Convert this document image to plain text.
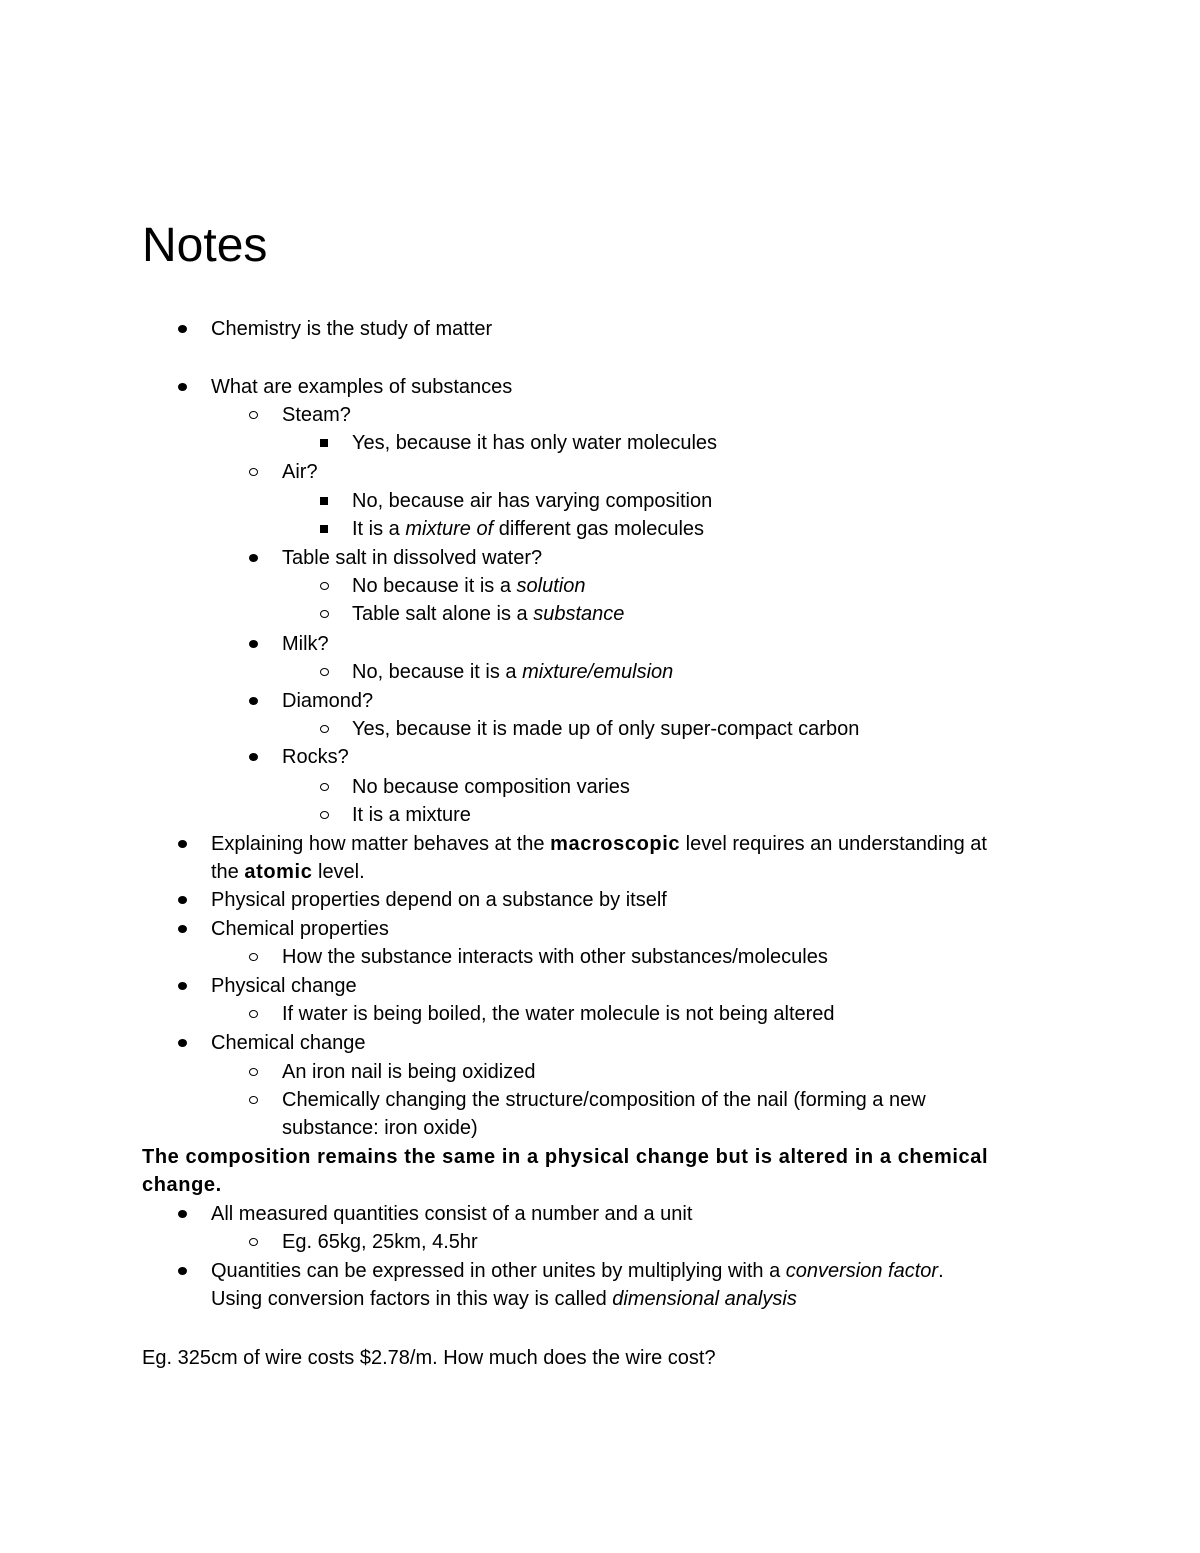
Notes
Chemistry is the study of matter
What are examples of substances
Steam?
Yes, because it has only water molecules
Air?
No, because air has varying composition
It is a mixture of different gas molecules
Table salt in dissolved water?
No because it is a solution
Table salt alone is a substance
Milk?
No, because it is a mixture/emulsion
Diamond?
Yes, because it is made up of only super-compact carbon
Rocks?
No because composition varies
It is a mixture
Explaining how matter behaves at the macroscopic level requires an understanding at
the atomic level.
Physical properties depend on a substance by itself
Chemical properties
How the substance interacts with other substances/molecules
Physical change
If water is being boiled, the water molecule is not being altered
Chemical change
An iron nail is being oxidized
Chemically changing the structure/composition of the nail (forming a new
substance: iron oxide)
The composition remains the same in a physical change but is altered in a chemical
change.
All measured quantities consist of a number and a unit
Eg. 65kg, 25km, 4.5hr
Quantities can be expressed in other unites by multiplying with a conversion factor.
Using conversion factors in this way is called dimensional analysis
Eg. 325cm of wire costs $2.78/m. How much does the wire cost?
